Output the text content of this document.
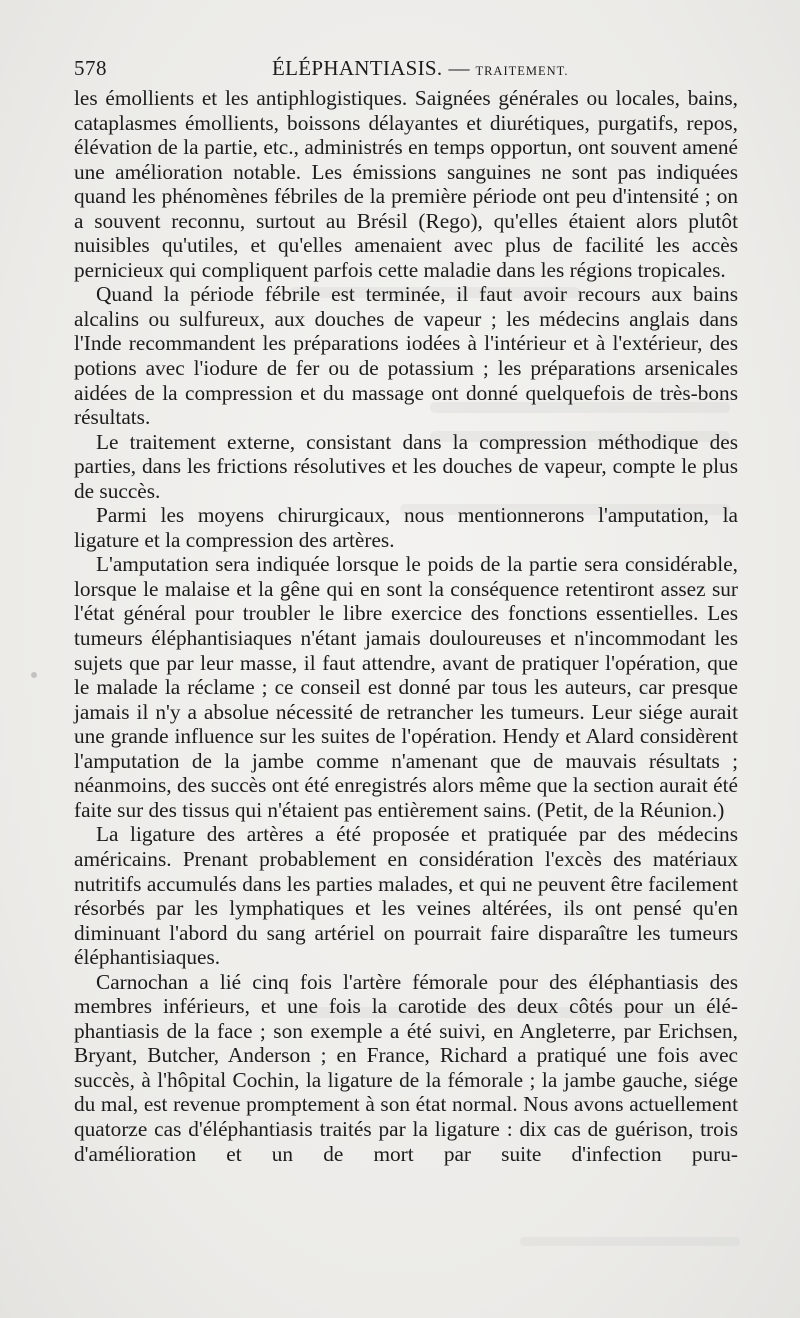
578	ÉLÉPHANTIASIS. — TRAITEMENT.

les émollients et les antiphlogistiques. Saignées générales ou locales, bains, cataplasmes émollients, boissons délayantes et diurétiques, purgatifs, repos, élévation de la partie, etc., administrés en temps opportun, ont souvent amené une amélioration notable. Les émissions sanguines ne sont pas indiquées quand les phénomènes fébriles de la première période ont peu d'intensité ; on a souvent reconnu, surtout au Brésil (Rego), qu'elles étaient alors plutôt nuisibles qu'utiles, et qu'elles amenaient avec plus de facilité les accès pernicieux qui compliquent parfois cette maladie dans les régions tropicales.

Quand la période fébrile est terminée, il faut avoir recours aux bains alcalins ou sulfureux, aux douches de vapeur ; les médecins anglais dans l'Inde recommandent les préparations iodées à l'intérieur et à l'extérieur, des potions avec l'iodure de fer ou de potassium ; les préparations arsenicales aidées de la compression et du massage ont donné quelquefois de très-bons résultats.

Le traitement externe, consistant dans la compression méthodique des parties, dans les frictions résolutives et les douches de vapeur, compte le plus de succès.

Parmi les moyens chirurgicaux, nous mentionnerons l'amputation, la ligature et la compression des artères.

L'amputation sera indiquée lorsque le poids de la partie sera considérable, lorsque le malaise et la gêne qui en sont la conséquence retentiront assez sur l'état général pour troubler le libre exercice des fonctions essentielles. Les tumeurs éléphantisiaques n'étant jamais douloureuses et n'incommodant les sujets que par leur masse, il faut attendre, avant de pratiquer l'opération, que le malade la réclame ; ce conseil est donné par tous les auteurs, car presque jamais il n'y a absolue nécessité de retrancher les tumeurs. Leur siége aurait une grande influence sur les suites de l'opération. Hendy et Alard considèrent l'amputation de la jambe comme n'amenant que de mauvais résultats ; néanmoins, des succès ont été enregistrés alors même que la section aurait été faite sur des tissus qui n'étaient pas entièrement sains. (Petit, de la Réunion.)

La ligature des artères a été proposée et pratiquée par des médecins américains. Prenant probablement en considération l'excès des matériaux nutritifs accumulés dans les parties malades, et qui ne peuvent être facilement résorbés par les lymphatiques et les veines altérées, ils ont pensé qu'en diminuant l'abord du sang artériel on pourrait faire disparaître les tumeurs éléphantisiaques.

Carnochan a lié cinq fois l'artère fémorale pour des éléphantiasis des membres inférieurs, et une fois la carotide des deux côtés pour un éléphantiasis de la face ; son exemple a été suivi, en Angleterre, par Erichsen, Bryant, Butcher, Anderson ; en France, Richard a pratiqué une fois avec succès, à l'hôpital Cochin, la ligature de la fémorale ; la jambe gauche, siége du mal, est revenue promptement à son état normal. Nous avons actuellement quatorze cas d'éléphantiasis traités par la ligature : dix cas de guérison, trois d'amélioration et un de mort par suite d'infection puru-
